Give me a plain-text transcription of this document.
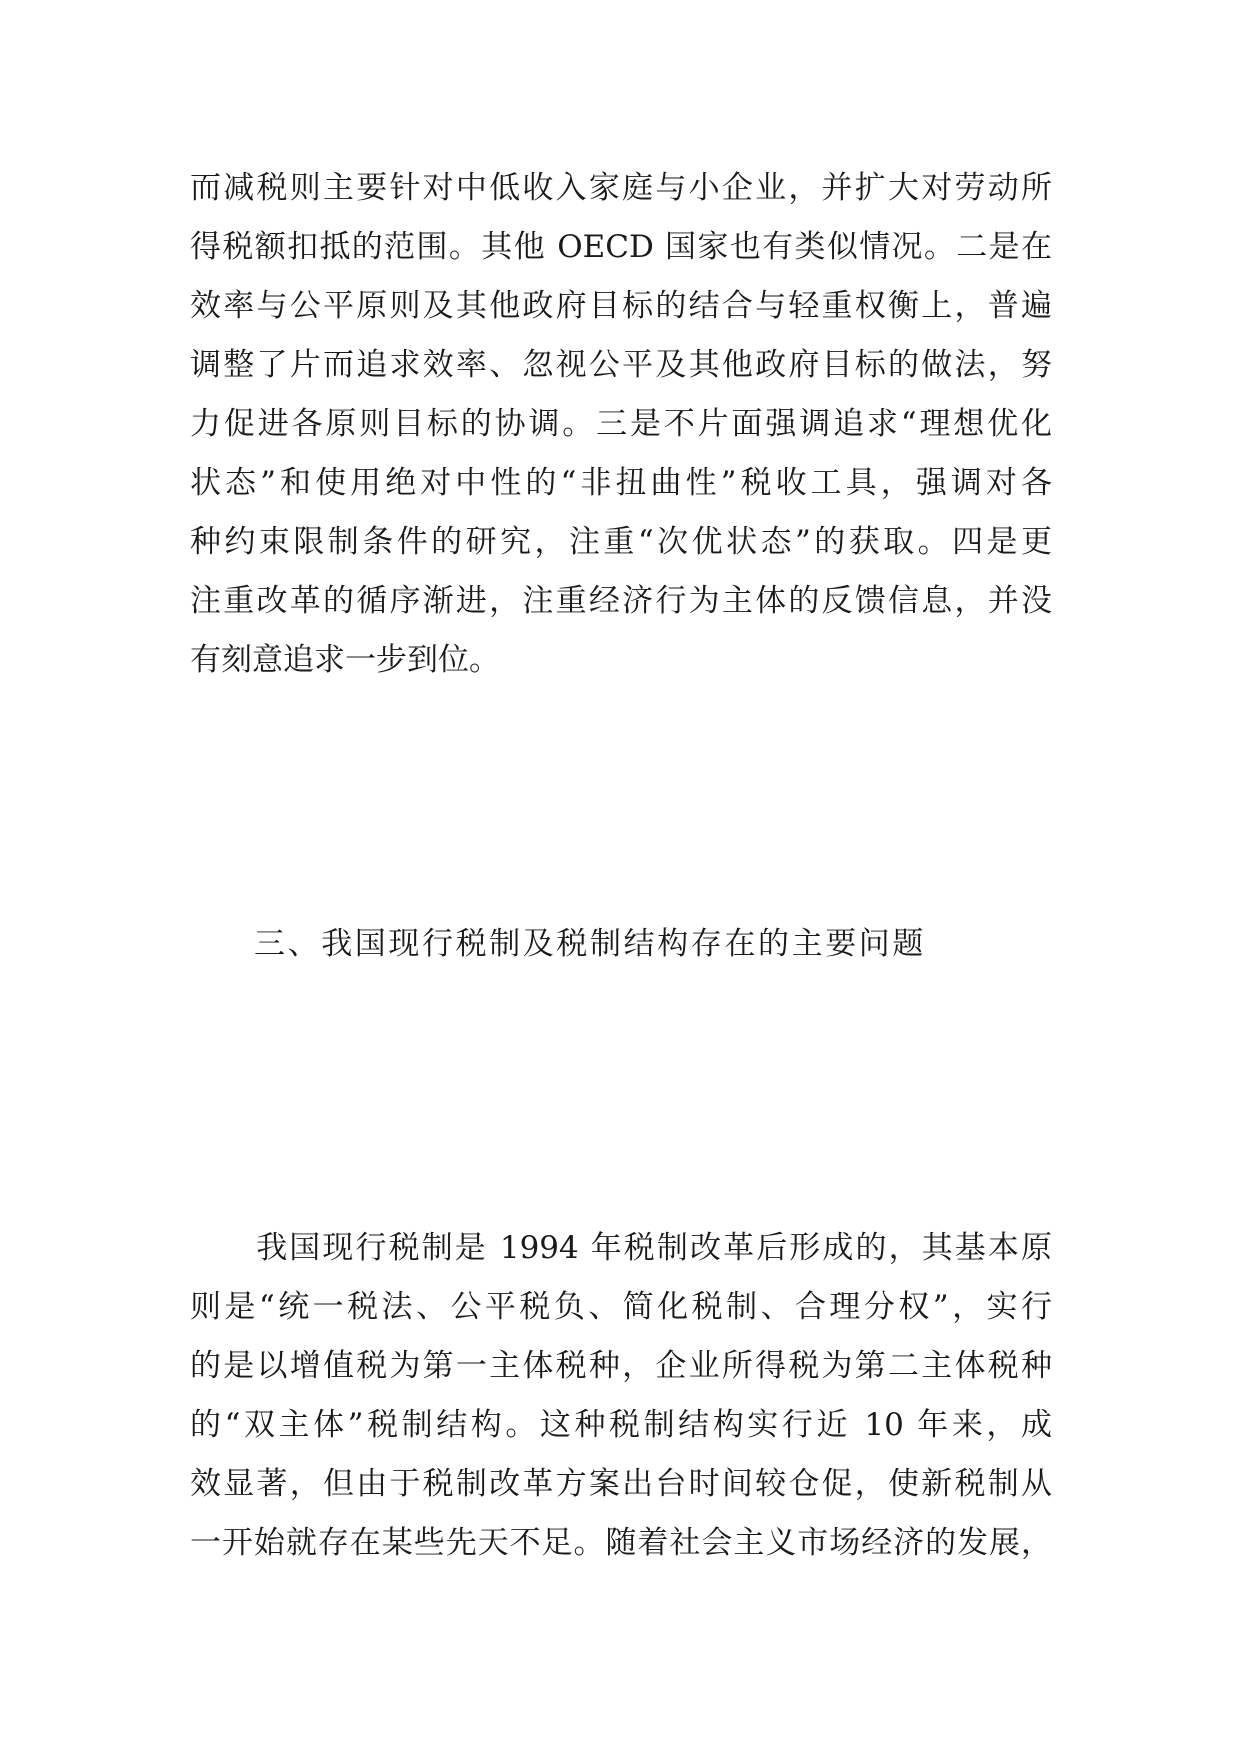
而减税则主要针对中低收入家庭与小企业，并扩大对劳动所
得税额扣抵的范围。其他 OECD 国家也有类似情况。二是在
效率与公平原则及其他政府目标的结合与轻重权衡上，普遍
调整了片而追求效率、忽视公平及其他政府目标的做法，努
力促进各原则目标的协调。三是不片面强调追求“理想优化
状态”和使用绝对中性的“非扭曲性”税收工具，强调对各
种约束限制条件的研究，注重“次优状态”的获取。四是更
注重改革的循序渐进，注重经济行为主体的反馈信息，并没
有刻意追求一步到位。
三、我国现行税制及税制结构存在的主要问题
　　我国现行税制是 1994 年税制改革后形成的，其基本原
则是“统一税法、公平税负、简化税制、合理分权”，实行
的是以增值税为第一主体税种，企业所得税为第二主体税种
的“双主体”税制结构。这种税制结构实行近 10 年来，成
效显著，但由于税制改革方案出台时间较仓促，使新税制从
一开始就存在某些先天不足。随着社会主义市场经济的发展，
